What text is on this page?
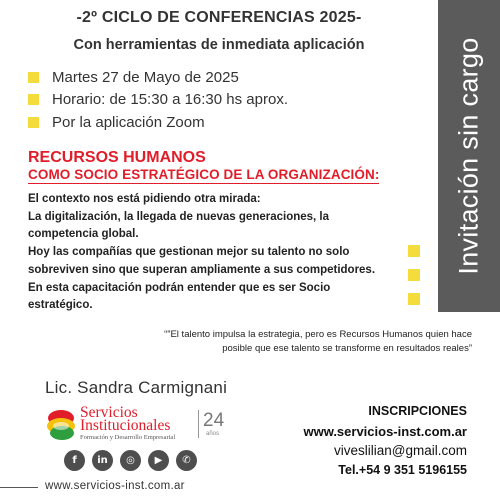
Invitación sin cargo
-2º CICLO DE CONFERENCIAS 2025-
Con herramientas de inmediata aplicación
Martes 27 de Mayo de 2025
Horario: de 15:30 a 16:30 hs aprox.
Por la aplicación Zoom
RECURSOS HUMANOS
COMO SOCIO ESTRATÉGICO DE LA ORGANIZACIÓN:

El contexto nos está pidiendo otra mirada:

La digitalización, la llegada de nuevas generaciones, la

competencia global.

Hoy las compañías que gestionan mejor su talento no solo

sobreviven sino que superan ampliamente a sus competidores.

En esta capacitación podrán entender que es ser Socio

estratégico.

“”El talento impulsa la estrategia, pero es Recursos Humanos quien hace
posible que ese talento se transforme en resultados reales”
Lic. Sandra Carmignani
Servicios
Institucionales
Formación y Desarrollo Empresarial
24
años
f	in	◎	▶	✆
www.servicios-inst.com.ar
INSCRIPCIONES
www.servicios-inst.com.ar
viveslilian@gmail.com
Tel.+54 9 351 5196155
